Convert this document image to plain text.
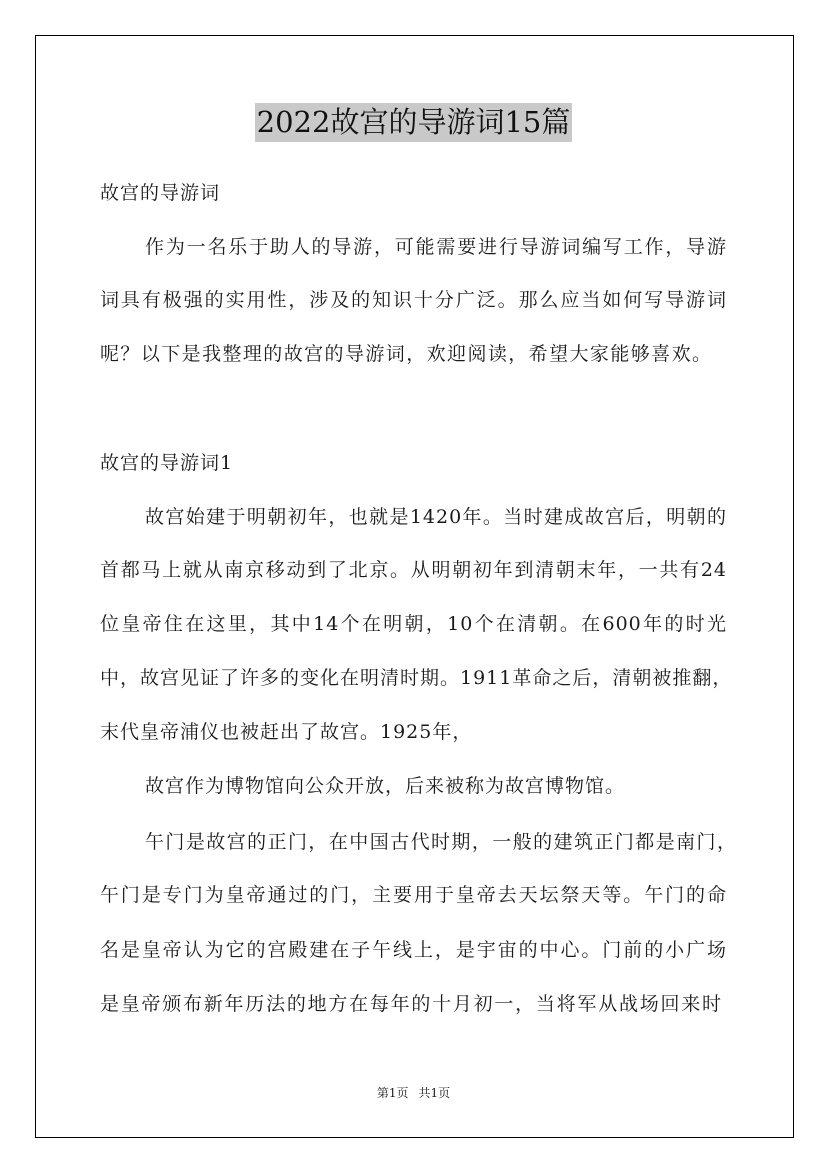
2022故宫的导游词15篇
故宫的导游词
作为一名乐于助人的导游，可能需要进行导游词编写工作，导游
词具有极强的实用性，涉及的知识十分广泛。那么应当如何写导游词
呢？以下是我整理的故宫的导游词，欢迎阅读，希望大家能够喜欢。
故宫的导游词1
故宫始建于明朝初年，也就是1420年。当时建成故宫后，明朝的
首都马上就从南京移动到了北京。从明朝初年到清朝末年，一共有24
位皇帝住在这里，其中14个在明朝，10个在清朝。在600年的时光
中，故宫见证了许多的变化在明清时期。1911革命之后，清朝被推翻，
末代皇帝浦仪也被赶出了故宫。1925年，
故宫作为博物馆向公众开放，后来被称为故宫博物馆。
午门是故宫的正门，在中国古代时期，一般的建筑正门都是南门，
午门是专门为皇帝通过的门，主要用于皇帝去天坛祭天等。午门的命
名是皇帝认为它的宫殿建在子午线上，是宇宙的中心。门前的小广场
是皇帝颁布新年历法的地方在每年的十月初一，当将军从战场回来时
第1页 共1页
